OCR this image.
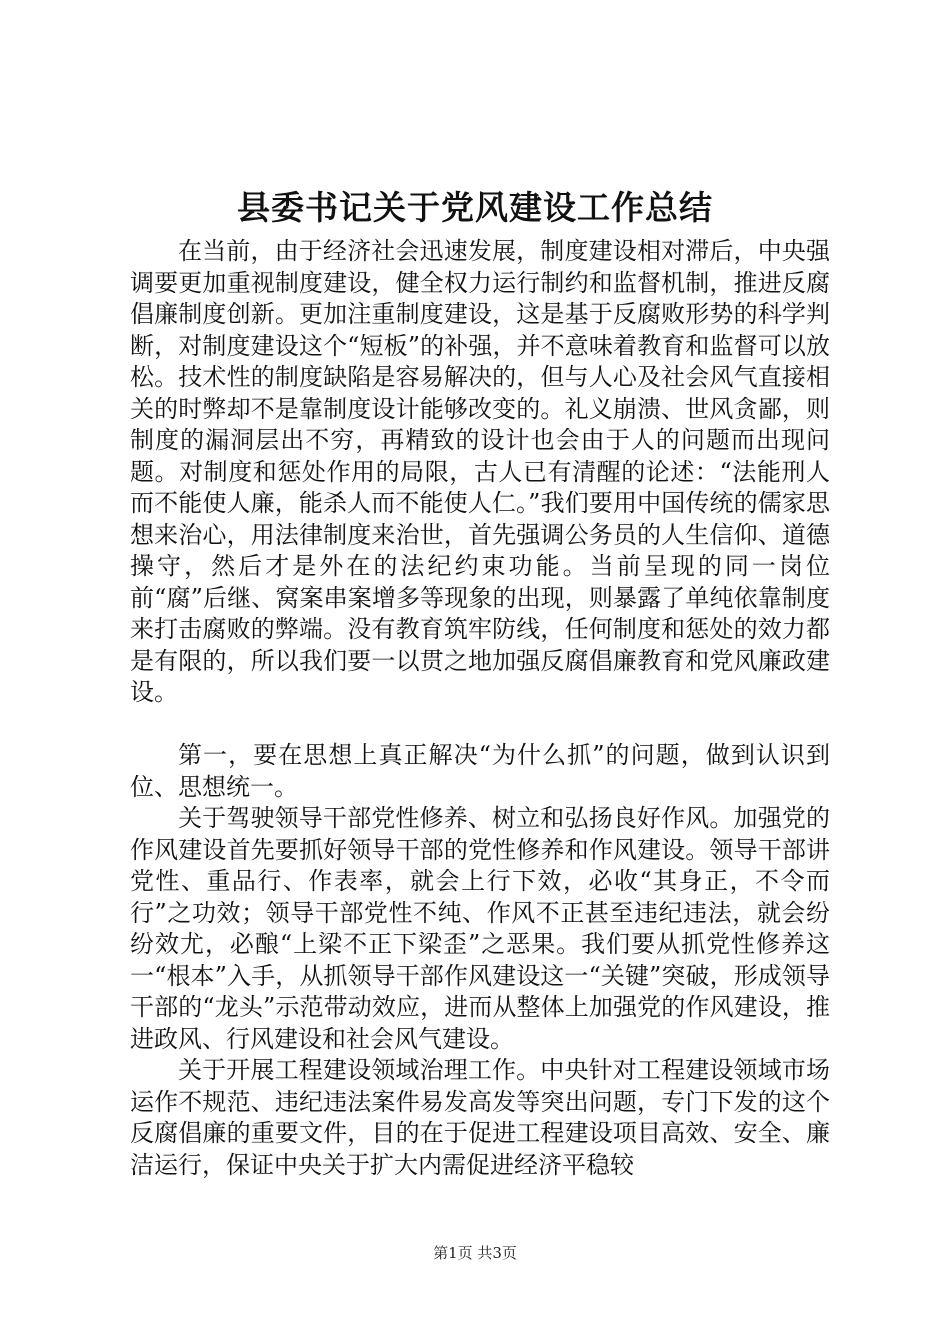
县委书记关于党风建设工作总结

在当前，由于经济社会迅速发展，制度建设相对滞后，中央强调要更加重视制度建设，健全权力运行制约和监督机制，推进反腐倡廉制度创新。更加注重制度建设，这是基于反腐败形势的科学判断，对制度建设这个“短板”的补强，并不意味着教育和监督可以放松。技术性的制度缺陷是容易解决的，但与人心及社会风气直接相关的时弊却不是靠制度设计能够改变的。礼义崩溃、世风贪鄙，则制度的漏洞层出不穷，再精致的设计也会由于人的问题而出现问题。对制度和惩处作用的局限，古人已有清醒的论述：“法能刑人而不能使人廉，能杀人而不能使人仁。”我们要用中国传统的儒家思想来治心，用法律制度来治世，首先强调公务员的人生信仰、道德操守，然后才是外在的法纪约束功能。当前呈现的同一岗位前“腐”后继、窝案串案增多等现象的出现，则暴露了单纯依靠制度来打击腐败的弊端。没有教育筑牢防线，任何制度和惩处的效力都是有限的，所以我们要一以贯之地加强反腐倡廉教育和党风廉政建设。

第一，要在思想上真正解决“为什么抓”的问题，做到认识到位、思想统一。

关于驾驶领导干部党性修养、树立和弘扬良好作风。加强党的作风建设首先要抓好领导干部的党性修养和作风建设。领导干部讲党性、重品行、作表率，就会上行下效，必收“其身正，不令而行”之功效；领导干部党性不纯、作风不正甚至违纪违法，就会纷纷效尤，必酿“上梁不正下梁歪”之恶果。我们要从抓党性修养这一“根本”入手，从抓领导干部作风建设这一“关键”突破，形成领导干部的“龙头”示范带动效应，进而从整体上加强党的作风建设，推进政风、行风建设和社会风气建设。

关于开展工程建设领域治理工作。中央针对工程建设领域市场运作不规范、违纪违法案件易发高发等突出问题，专门下发的这个反腐倡廉的重要文件，目的在于促进工程建设项目高效、安全、廉洁运行，保证中央关于扩大内需促进经济平稳较

第1页 共3页
